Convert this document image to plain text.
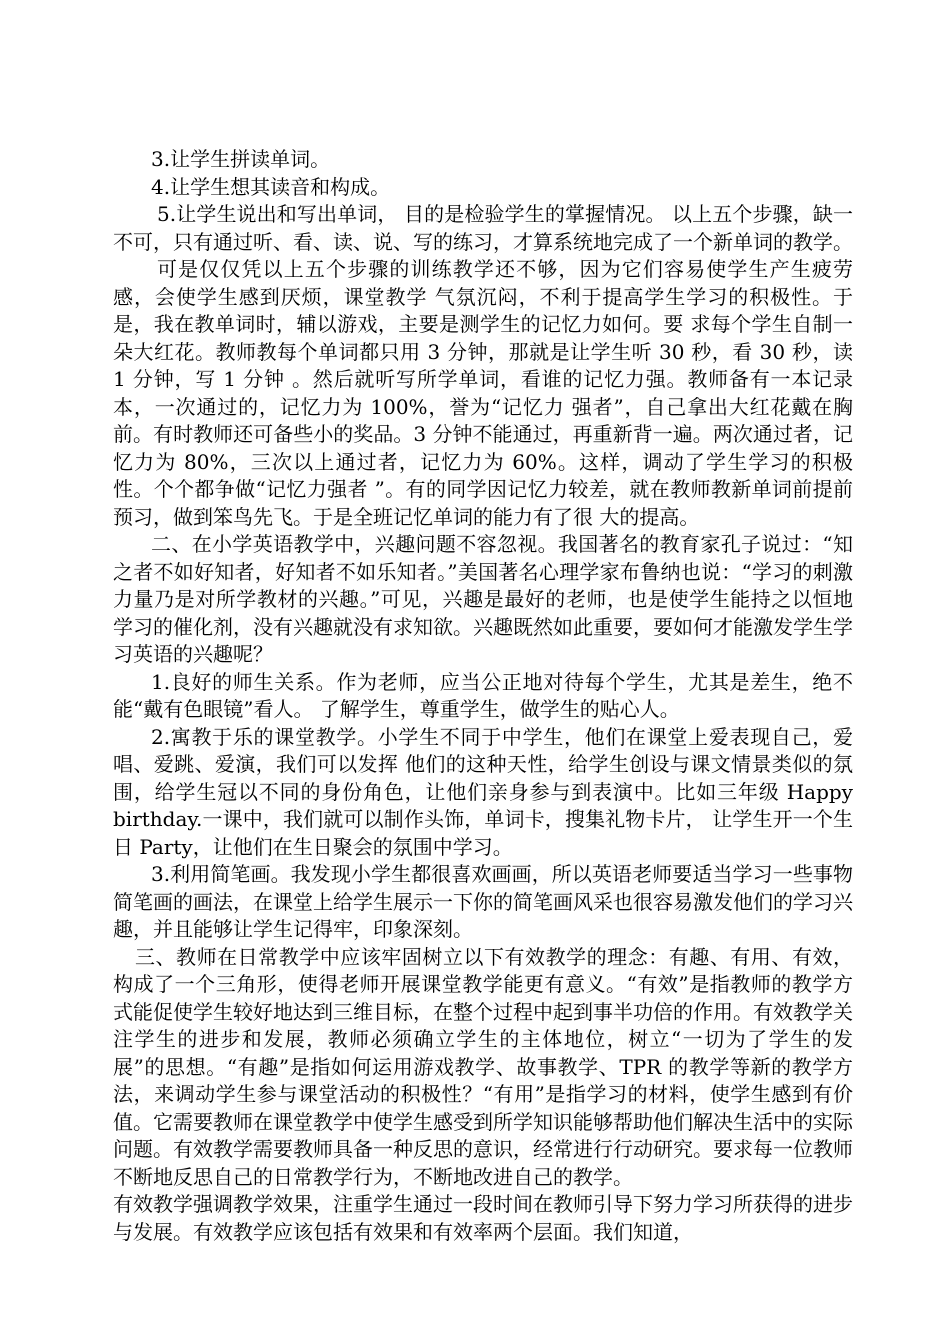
3.让学生拼读单词。

4.让学生想其读音和构成。

5.让学生说出和写出单词， 目的是检验学生的掌握情况。 以上五个步骤，缺一不可，只有通过听、看、读、说、写的练习，才算系统地完成了一个新单词的教学。

可是仅仅凭以上五个步骤的训练教学还不够，因为它们容易使学生产生疲劳感，会使学生感到厌烦，课堂教学 气氛沉闷，不利于提高学生学习的积极性。于是，我在教单词时，辅以游戏，主要是测学生的记忆力如何。要 求每个学生自制一朵大红花。教师教每个单词都只用 3 分钟，那就是让学生听 30 秒，看 30 秒，读 1 分钟，写 1 分钟 。然后就听写所学单词，看谁的记忆力强。教师备有一本记录本，一次通过的，记忆力为 100%，誉为“记忆力 强者”，自己拿出大红花戴在胸前。有时教师还可备些小的奖品。3 分钟不能通过，再重新背一遍。两次通过者，记忆力为 80%，三次以上通过者，记忆力为 60%。这样，调动了学生学习的积极性。个个都争做“记忆力强者 ”。有的同学因记忆力较差，就在教师教新单词前提前预习，做到笨鸟先飞。于是全班记忆单词的能力有了很 大的提高。

二、在小学英语教学中，兴趣问题不容忽视。我国著名的教育家孔子说过：“知之者不如好知者，好知者不如乐知者。”美国著名心理学家布鲁纳也说：“学习的刺激力量乃是对所学教材的兴趣。”可见，兴趣是最好的老师，也是使学生能持之以恒地学习的催化剂，没有兴趣就没有求知欲。兴趣既然如此重要，要如何才能激发学生学习英语的兴趣呢？

1.良好的师生关系。作为老师，应当公正地对待每个学生，尤其是差生，绝不能“戴有色眼镜”看人。 了解学生，尊重学生，做学生的贴心人。

2.寓教于乐的课堂教学。小学生不同于中学生，他们在课堂上爱表现自己，爱唱、爱跳、爱演，我们可以发挥 他们的这种天性，给学生创设与课文情景类似的氛围，给学生冠以不同的身份角色，让他们亲身参与到表演中。比如三年级 Happy birthday.一课中，我们就可以制作头饰，单词卡，搜集礼物卡片， 让学生开一个生日 Party，让他们在生日聚会的氛围中学习。

3.利用简笔画。我发现小学生都很喜欢画画，所以英语老师要适当学习一些事物简笔画的画法，在课堂上给学生展示一下你的简笔画风采也很容易激发他们的学习兴趣，并且能够让学生记得牢，印象深刻。

三、教师在日常教学中应该牢固树立以下有效教学的理念：有趣、有用、有效，构成了一个三角形，使得老师开展课堂教学能更有意义。“有效”是指教师的教学方式能促使学生较好地达到三维目标，在整个过程中起到事半功倍的作用。有效教学关注学生的进步和发展，教师必须确立学生的主体地位，树立“一切为了学生的发展”的思想。“有趣”是指如何运用游戏教学、故事教学、TPR 的教学等新的教学方法，来调动学生参与课堂活动的积极性？“有用”是指学习的材料，使学生感到有价值。它需要教师在课堂教学中使学生感受到所学知识能够帮助他们解决生活中的实际问题。有效教学需要教师具备一种反思的意识，经常进行行动研究。要求每一位教师不断地反思自己的日常教学行为，不断地改进自己的教学。

有效教学强调教学效果，注重学生通过一段时间在教师引导下努力学习所获得的进步与发展。有效教学应该包括有效果和有效率两个层面。我们知道，
